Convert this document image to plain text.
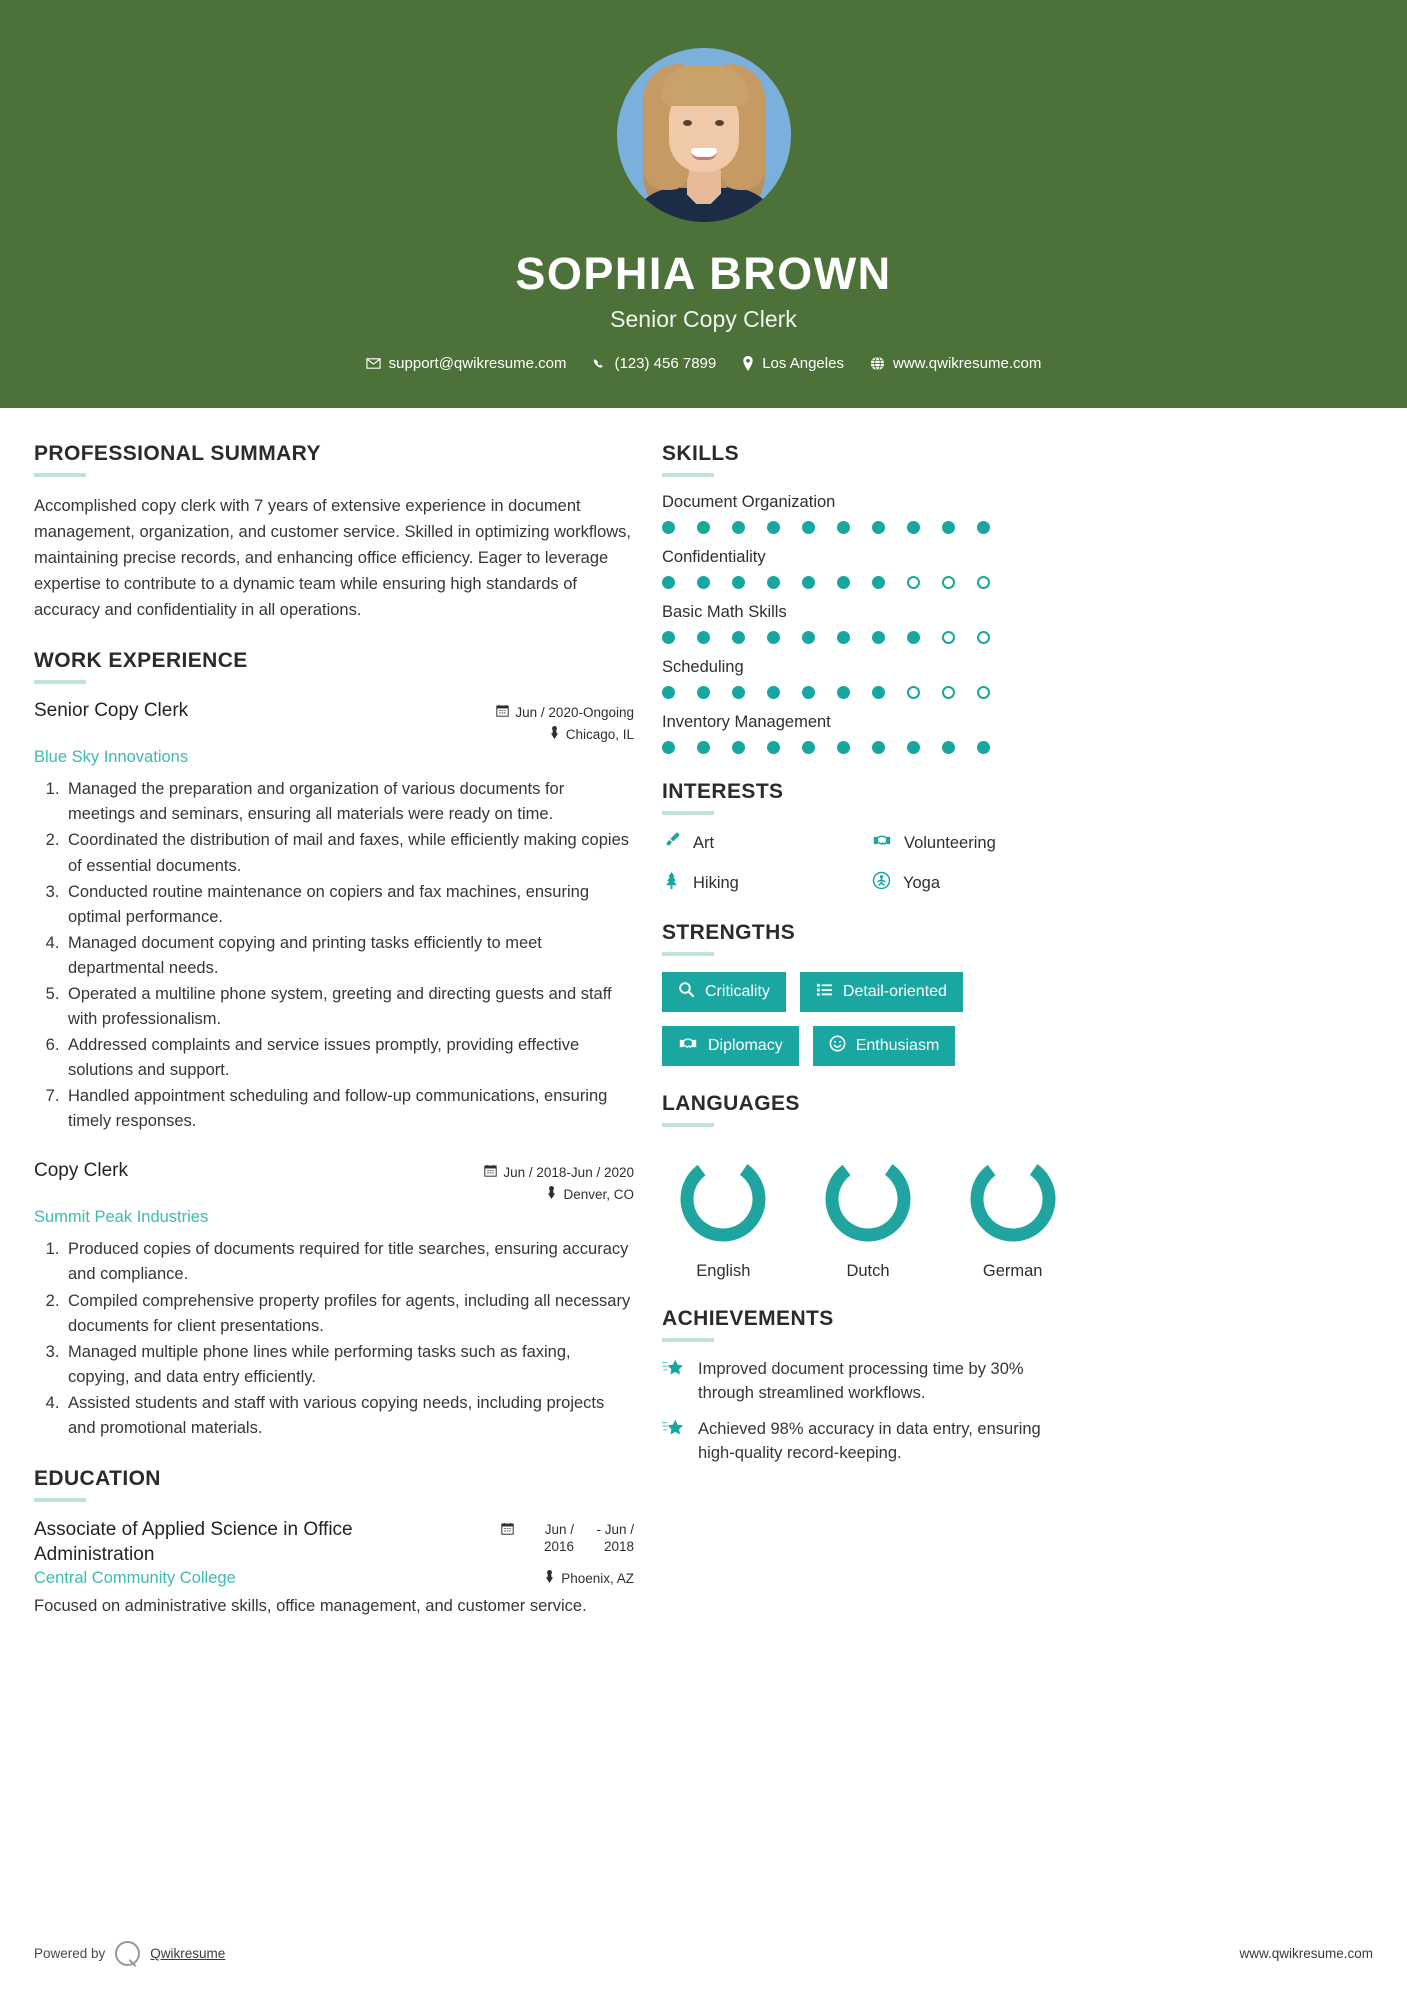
SOPHIA BROWN
Senior Copy Clerk
support@qwikresume.com	(123) 456 7899	Los Angeles	www.qwikresume.com
PROFESSIONAL SUMMARY
Accomplished copy clerk with 7 years of extensive experience in document management, organization, and customer service. Skilled in optimizing workflows, maintaining precise records, and enhancing office efficiency. Eager to leverage expertise to contribute to a dynamic team while ensuring high standards of accuracy and confidentiality in all operations.
WORK EXPERIENCE
Senior Copy Clerk	Jun / 2020-Ongoing
Chicago, IL
Blue Sky Innovations
1. Managed the preparation and organization of various documents for meetings and seminars, ensuring all materials were ready on time.
2. Coordinated the distribution of mail and faxes, while efficiently making copies of essential documents.
3. Conducted routine maintenance on copiers and fax machines, ensuring optimal performance.
4. Managed document copying and printing tasks efficiently to meet departmental needs.
5. Operated a multiline phone system, greeting and directing guests and staff with professionalism.
6. Addressed complaints and service issues promptly, providing effective solutions and support.
7. Handled appointment scheduling and follow-up communications, ensuring timely responses.
Copy Clerk	Jun / 2018-Jun / 2020
Denver, CO
Summit Peak Industries
1. Produced copies of documents required for title searches, ensuring accuracy and compliance.
2. Compiled comprehensive property profiles for agents, including all necessary documents for client presentations.
3. Managed multiple phone lines while performing tasks such as faxing, copying, and data entry efficiently.
4. Assisted students and staff with various copying needs, including projects and promotional materials.
EDUCATION
Associate of Applied Science in Office Administration
Jun / 2016
- Jun / 2018
Central Community College	Phoenix, AZ
Focused on administrative skills, office management, and customer service.
SKILLS
Document Organization
Confidentiality
Basic Math Skills
Scheduling
Inventory Management
INTERESTS
Art	Volunteering
Hiking	Yoga
STRENGTHS
Criticality	Detail-oriented
Diplomacy	Enthusiasm
LANGUAGES
English	Dutch	German
ACHIEVEMENTS
Improved document processing time by 30% through streamlined workflows.
Achieved 98% accuracy in data entry, ensuring high-quality record-keeping.
Powered by	Qwikresume	www.qwikresume.com
